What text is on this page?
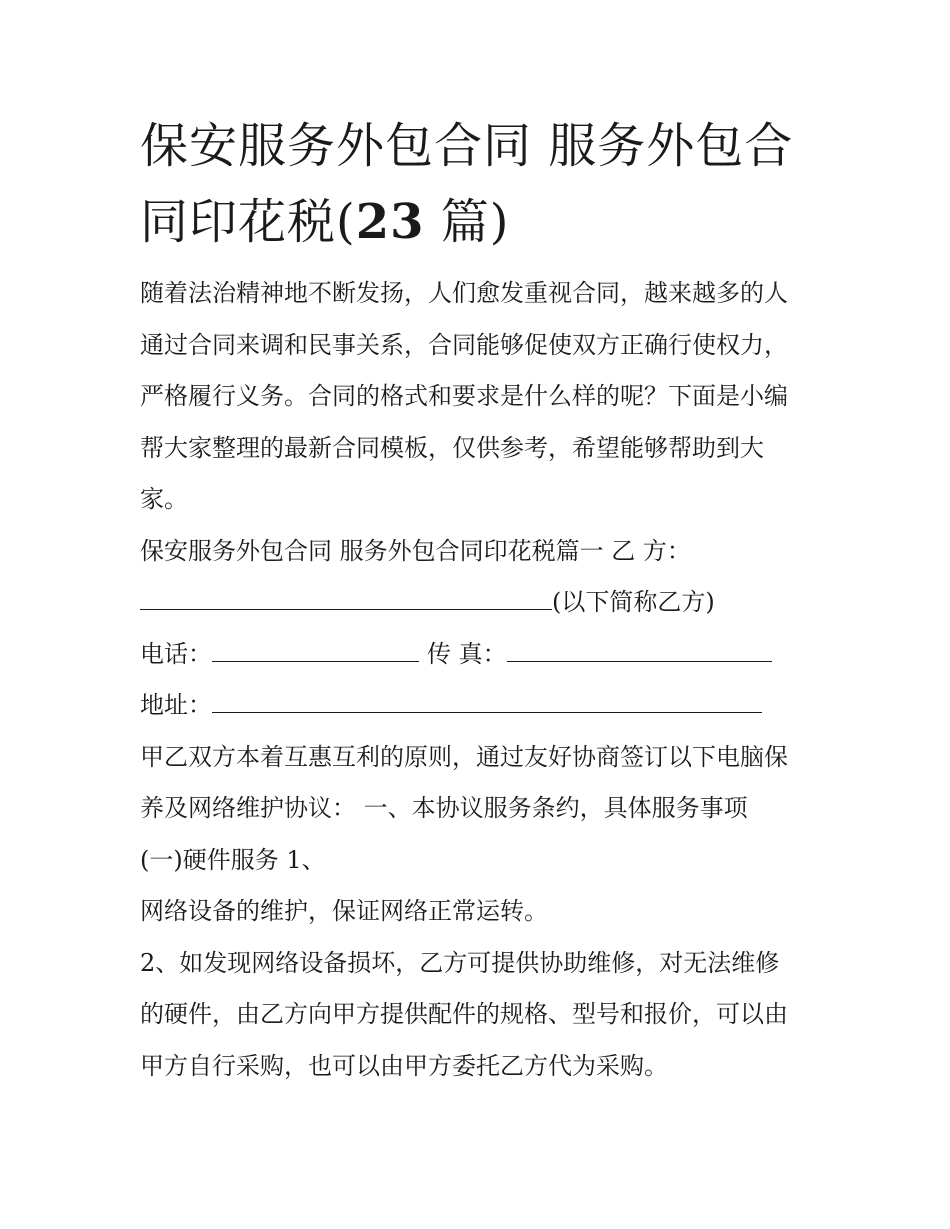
保安服务外包合同 服务外包合
同印花税(23 篇)

随着法治精神地不断发扬，人们愈发重视合同，越来越多的人

通过合同来调和民事关系，合同能够促使双方正确行使权力，

严格履行义务。合同的格式和要求是什么样的呢？下面是小编

帮大家整理的最新合同模板，仅供参考，希望能够帮助到大

家。

保安服务外包合同 服务外包合同印花税篇一 乙 方：

(以下简称乙方)

电话：	传 真：

地址：

甲乙双方本着互惠互利的原则，通过友好协商签订以下电脑保

养及网络维护协议： 一、本协议服务条约，具体服务事项

(一)硬件服务 1、

网络设备的维护，保证网络正常运转。

2、如发现网络设备损坏，乙方可提供协助维修，对无法维修

的硬件，由乙方向甲方提供配件的规格、型号和报价，可以由

甲方自行采购，也可以由甲方委托乙方代为采购。
